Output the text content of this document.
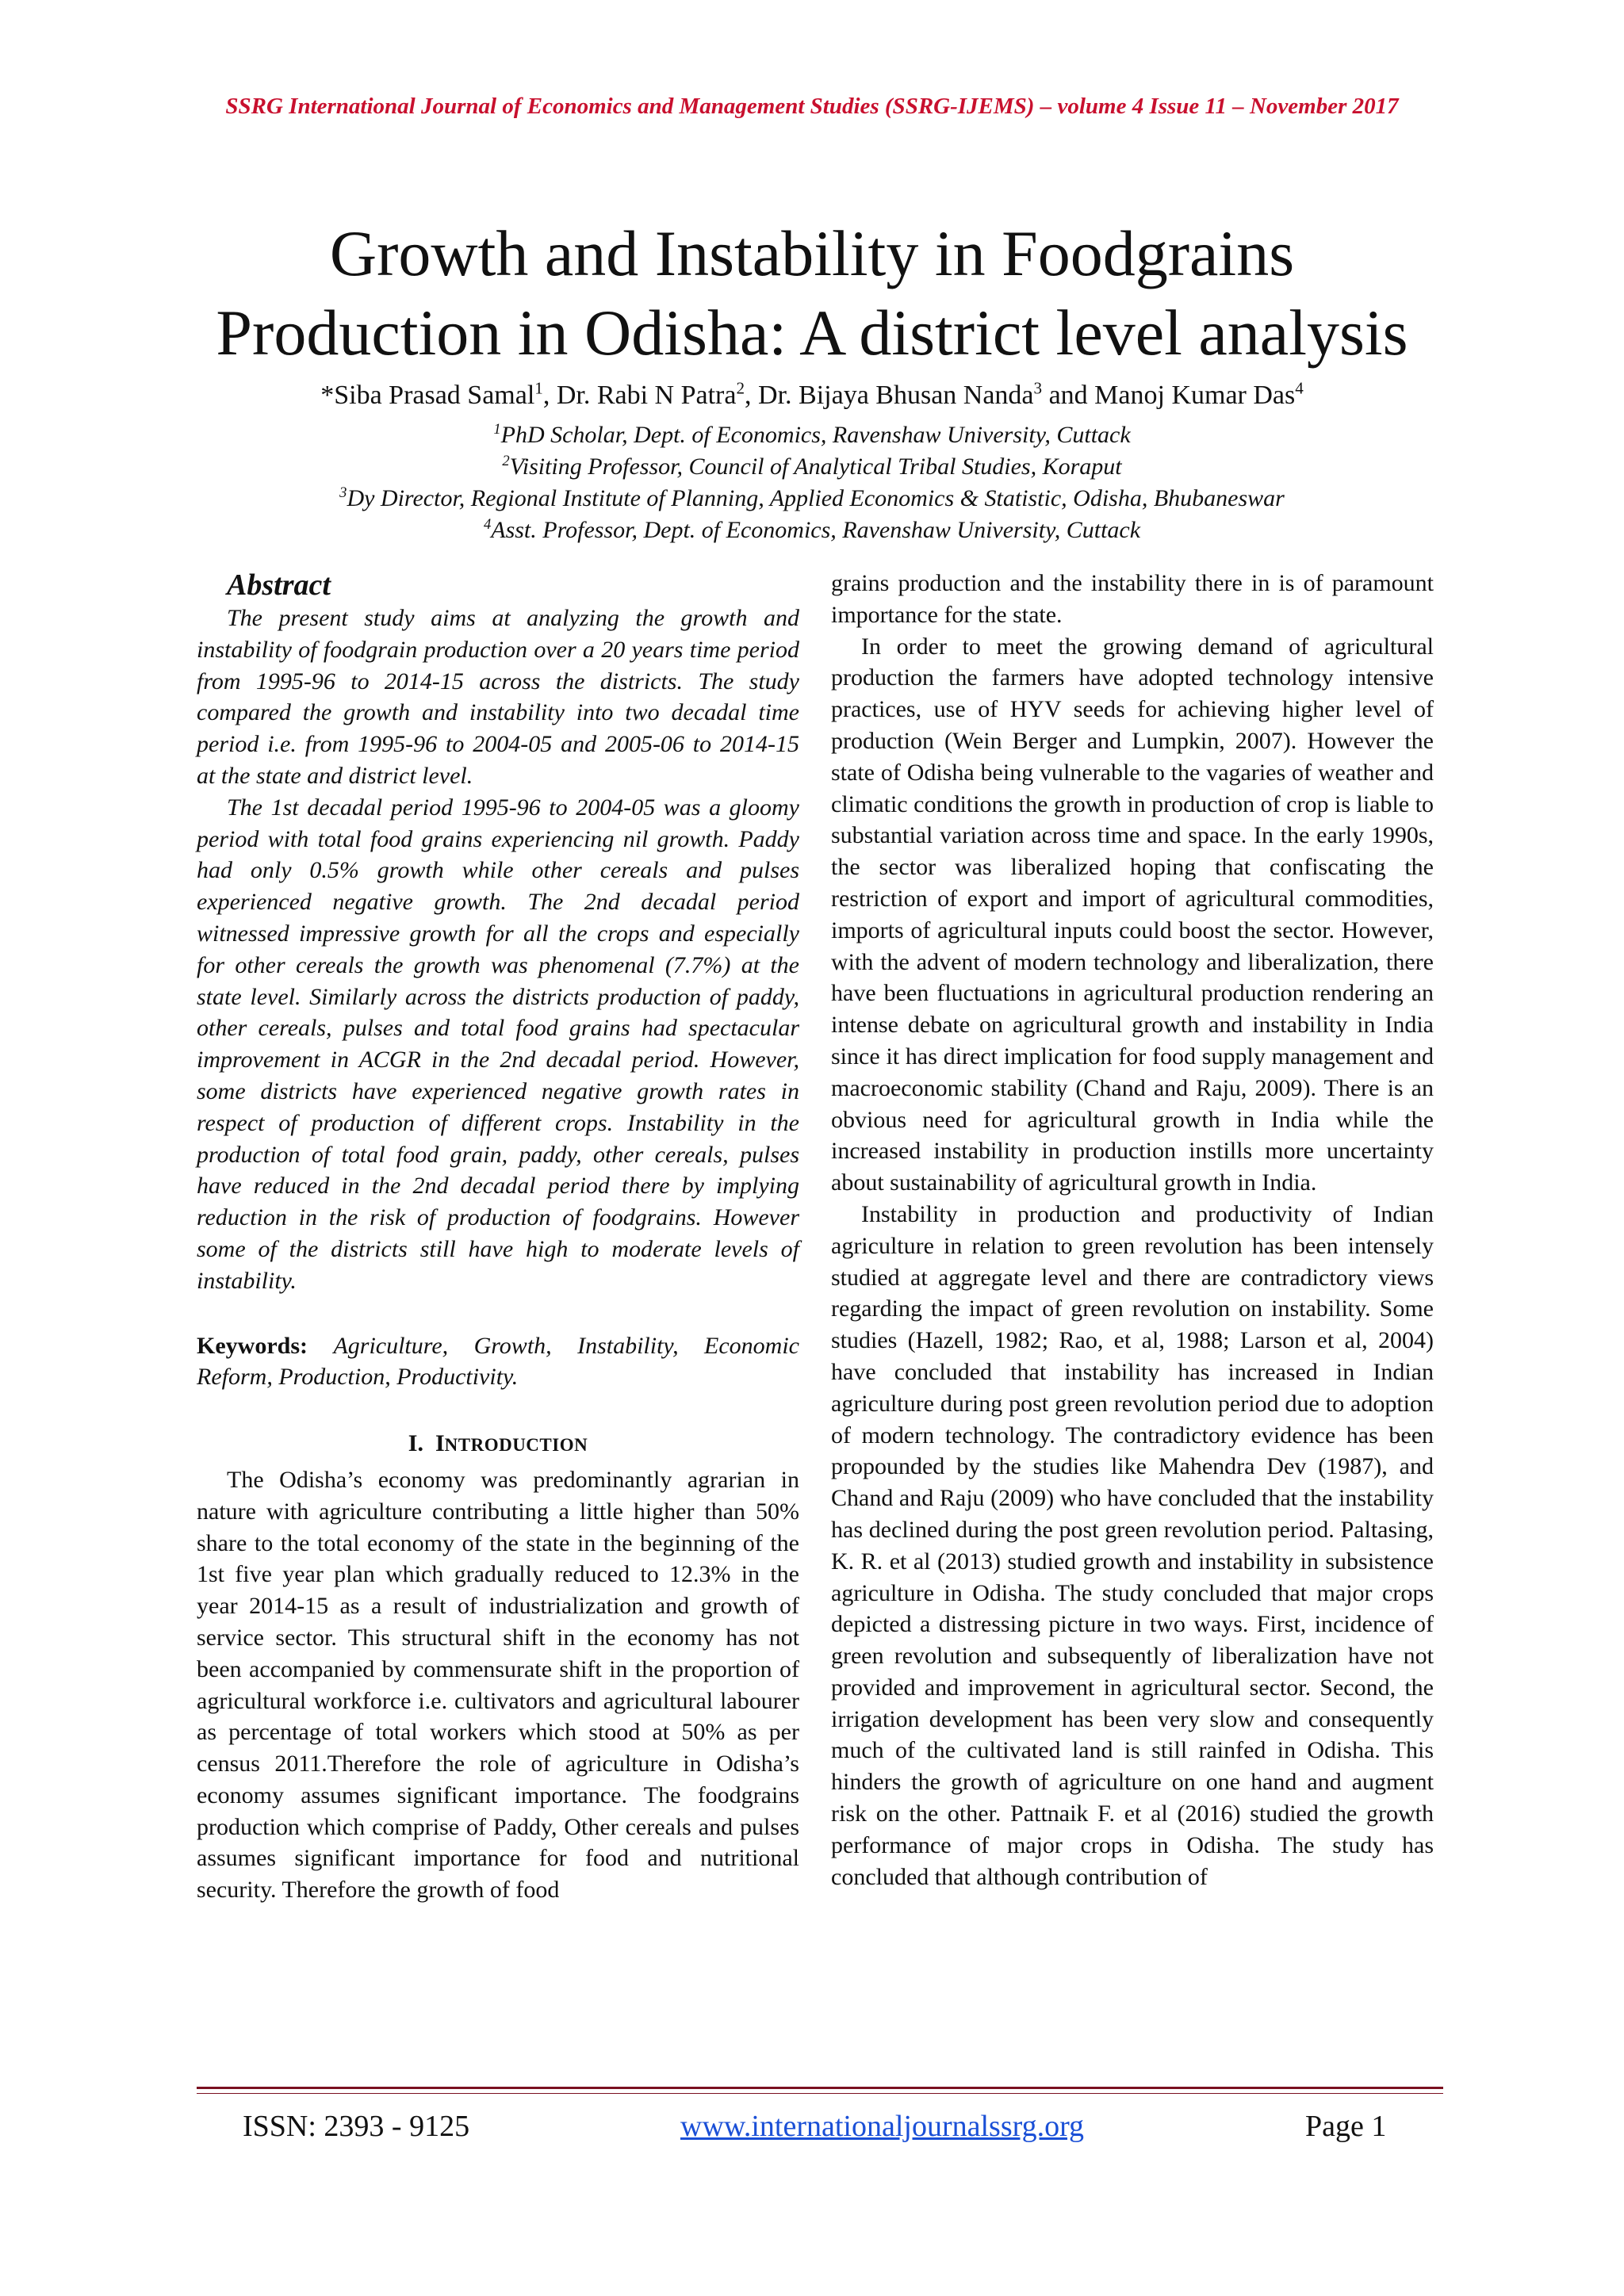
SSRG International Journal of Economics and Management Studies (SSRG-IJEMS) – volume 4 Issue 11 – November 2017
Growth and Instability in Foodgrains
Production in Odisha: A district level analysis
*Siba Prasad Samal$^1$, Dr. Rabi N Patra$^2$, Dr. Bijaya Bhusan Nanda$^3$ and Manoj Kumar Das$^4$
$^1$PhD Scholar, Dept. of Economics, Ravenshaw University, Cuttack
$^2$Visiting Professor, Council of Analytical Tribal Studies, Koraput
$^3$Dy Director, Regional Institute of Planning, Applied Economics & Statistic, Odisha, Bhubaneswar
$^4$Asst. Professor, Dept. of Economics, Ravenshaw University, Cuttack
Abstract

The present study aims at analyzing the growth and instability of foodgrain production over a 20 years time period from 1995-96 to 2014-15 across the districts. The study compared the growth and instability into two decadal time period i.e. from 1995-96 to 2004-05 and 2005-06 to 2014-15 at the state and district level.

The 1st decadal period 1995-96 to 2004-05 was a gloomy period with total food grains experiencing nil growth. Paddy had only 0.5% growth while other cereals and pulses experienced negative growth. The 2nd decadal period witnessed impressive growth for all the crops and especially for other cereals the growth was phenomenal (7.7%) at the state level. Similarly across the districts production of paddy, other cereals, pulses and total food grains had spectacular improvement in ACGR in the 2nd decadal period. However, some districts have experienced negative growth rates in respect of production of different crops. Instability in the production of total food grain, paddy, other cereals, pulses have reduced in the 2nd decadal period there by implying reduction in the risk of production of foodgrains. However some of the districts still have high to moderate levels of instability.

Keywords: Agriculture, Growth, Instability, Economic Reform, Production, Productivity.

I. INTRODUCTION

The Odisha’s economy was predominantly agrarian in nature with agriculture contributing a little higher than 50% share to the total economy of the state in the beginning of the 1st five year plan which gradually reduced to 12.3% in the year 2014-15 as a result of industrialization and growth of service sector. This structural shift in the economy has not been accompanied by commensurate shift in the proportion of agricultural workforce i.e. cultivators and agricultural labourer as percentage of total workers which stood at 50% as per census 2011.Therefore the role of agriculture in Odisha’s economy assumes significant importance. The foodgrains production which comprise of Paddy, Other cereals and pulses assumes significant importance for food and nutritional security. Therefore the growth of food

grains production and the instability there in is of paramount importance for the state.

In order to meet the growing demand of agricultural production the farmers have adopted technology intensive practices, use of HYV seeds for achieving higher level of production (Wein Berger and Lumpkin, 2007). However the state of Odisha being vulnerable to the vagaries of weather and climatic conditions the growth in production of crop is liable to substantial variation across time and space. In the early 1990s, the sector was liberalized hoping that confiscating the restriction of export and import of agricultural commodities, imports of agricultural inputs could boost the sector. However, with the advent of modern technology and liberalization, there have been fluctuations in agricultural production rendering an intense debate on agricultural growth and instability in India since it has direct implication for food supply management and macroeconomic stability (Chand and Raju, 2009). There is an obvious need for agricultural growth in India while the increased instability in production instills more uncertainty about sustainability of agricultural growth in India.

Instability in production and productivity of Indian agriculture in relation to green revolution has been intensely studied at aggregate level and there are contradictory views regarding the impact of green revolution on instability. Some studies (Hazell, 1982; Rao, et al, 1988; Larson et al, 2004) have concluded that instability has increased in Indian agriculture during post green revolution period due to adoption of modern technology. The contradictory evidence has been propounded by the studies like Mahendra Dev (1987), and Chand and Raju (2009) who have concluded that the instability has declined during the post green revolution period. Paltasing, K. R. et al (2013) studied growth and instability in subsistence agriculture in Odisha. The study concluded that major crops depicted a distressing picture in two ways. First, incidence of green revolution and subsequently of liberalization have not provided and improvement in agricultural sector. Second, the irrigation development has been very slow and consequently much of the cultivated land is still rainfed in Odisha. This hinders the growth of agriculture on one hand and augment risk on the other. Pattnaik F. et al (2016) studied the growth performance of major crops in Odisha. The study has concluded that although contribution of

ISSN: 2393 - 9125	www.internationaljournalssrg.org	Page 1
